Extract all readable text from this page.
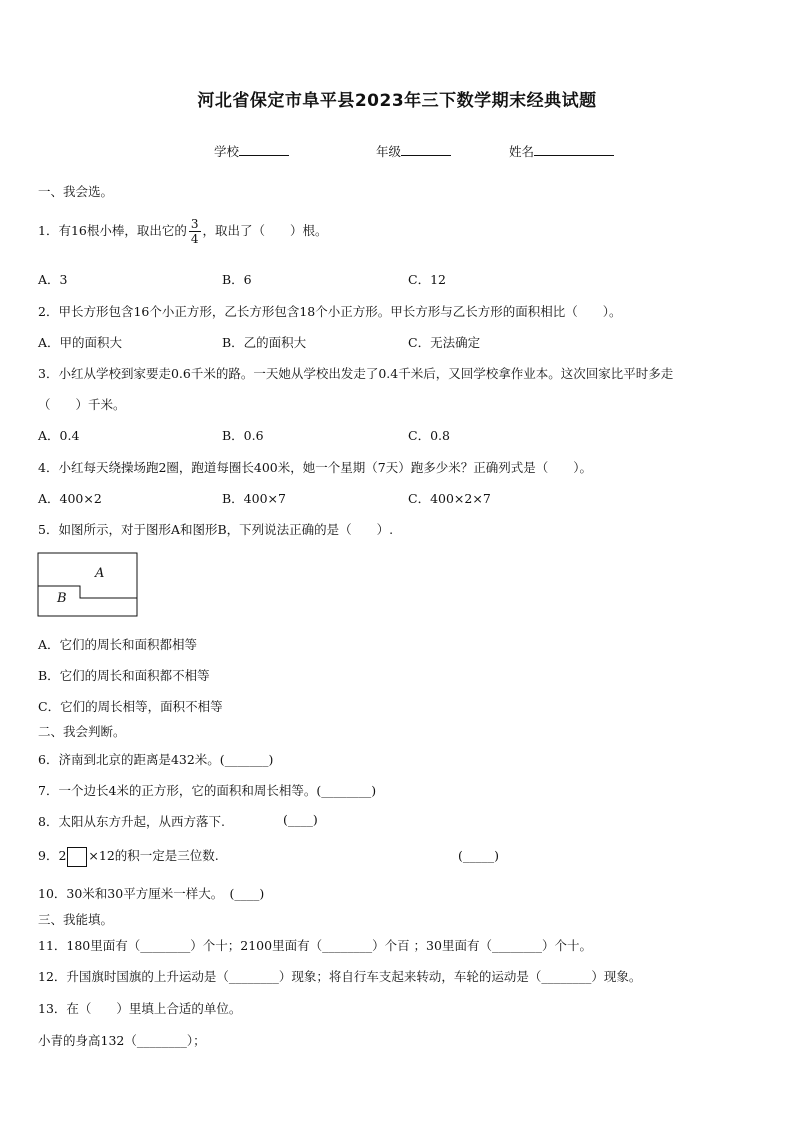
河北省保定市阜平县2023年三下数学期末经典试题
学校	年级	姓名
一、我会选。
1．有16根小棒，取出它的 $\frac{3}{4}$ ，取出了（　　）根。
A．3	B．6	C．12
2．甲长方形包含16个小正方形，乙长方形包含18个小正方形。甲长方形与乙长方形的面积相比（　　）。
A．甲的面积大	B．乙的面积大	C．无法确定
3．小红从学校到家要走0.6千米的路。一天她从学校出发走了0.4千米后，又回学校拿作业本。这次回家比平时多走
（　　）千米。
A．0.4	B．0.6	C．0.8
4．小红每天绕操场跑2圈，跑道每圈长400米，她一个星期（7天）跑多少米？正确列式是（　　）。
A．400×2	B．400×7	C．400×2×7
5．如图所示，对于图形A和图形B，下列说法正确的是（　　）.
A
B
A．它们的周长和面积都相等
B．它们的周长和面积都不相等
C．它们的周长相等，面积不相等
二、我会判断。
6．济南到北京的距离是432米。(_______)
7．一个边长4米的正方形，它的面积和周长相等。(________)
8．太阳从东方升起，从西方落下.	(____)
9．2 ×12的积一定是三位数.	(_____)
10．30米和30平方厘米一样大。　(____)
三、我能填。
11．180里面有（________）个十；2100里面有（________）个百 ；30里面有（________）个十。
12．升国旗时国旗的上升运动是（________）现象；将自行车支起来转动，车轮的运动是（________）现象。
13．在（　　）里填上合适的单位。
小青的身高132（________）；
